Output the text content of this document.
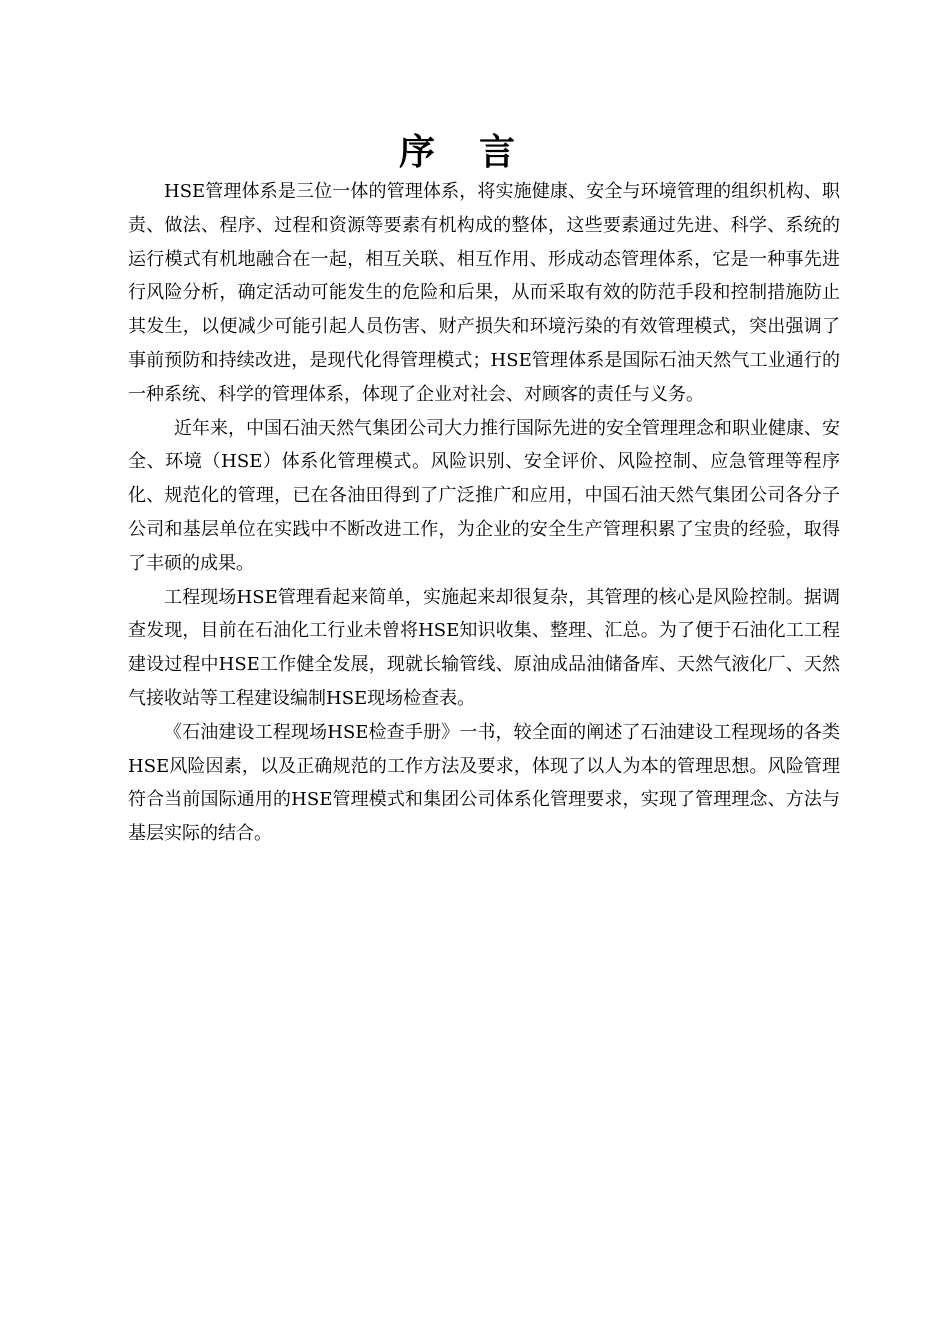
序 言

HSE管理体系是三位一体的管理体系，将实施健康、安全与环境管理的组织机构、职责、做法、程序、过程和资源等要素有机构成的整体，这些要素通过先进、科学、系统的运行模式有机地融合在一起，相互关联、相互作用、形成动态管理体系，它是一种事先进行风险分析，确定活动可能发生的危险和后果，从而采取有效的防范手段和控制措施防止其发生，以便减少可能引起人员伤害、财产损失和环境污染的有效管理模式，突出强调了事前预防和持续改进，是现代化得管理模式；HSE管理体系是国际石油天然气工业通行的一种系统、科学的管理体系，体现了企业对社会、对顾客的责任与义务。

近年来，中国石油天然气集团公司大力推行国际先进的安全管理理念和职业健康、安全、环境（HSE）体系化管理模式。风险识别、安全评价、风险控制、应急管理等程序化、规范化的管理，已在各油田得到了广泛推广和应用，中国石油天然气集团公司各分子公司和基层单位在实践中不断改进工作，为企业的安全生产管理积累了宝贵的经验，取得了丰硕的成果。

工程现场HSE管理看起来简单，实施起来却很复杂，其管理的核心是风险控制。据调查发现，目前在石油化工行业未曾将HSE知识收集、整理、汇总。为了便于石油化工工程建设过程中HSE工作健全发展，现就长输管线、原油成品油储备库、天然气液化厂、天然气接收站等工程建设编制HSE现场检查表。

《石油建设工程现场HSE检查手册》一书，较全面的阐述了石油建设工程现场的各类HSE风险因素，以及正确规范的工作方法及要求，体现了以人为本的管理思想。风险管理符合当前国际通用的HSE管理模式和集团公司体系化管理要求，实现了管理理念、方法与基层实际的结合。
